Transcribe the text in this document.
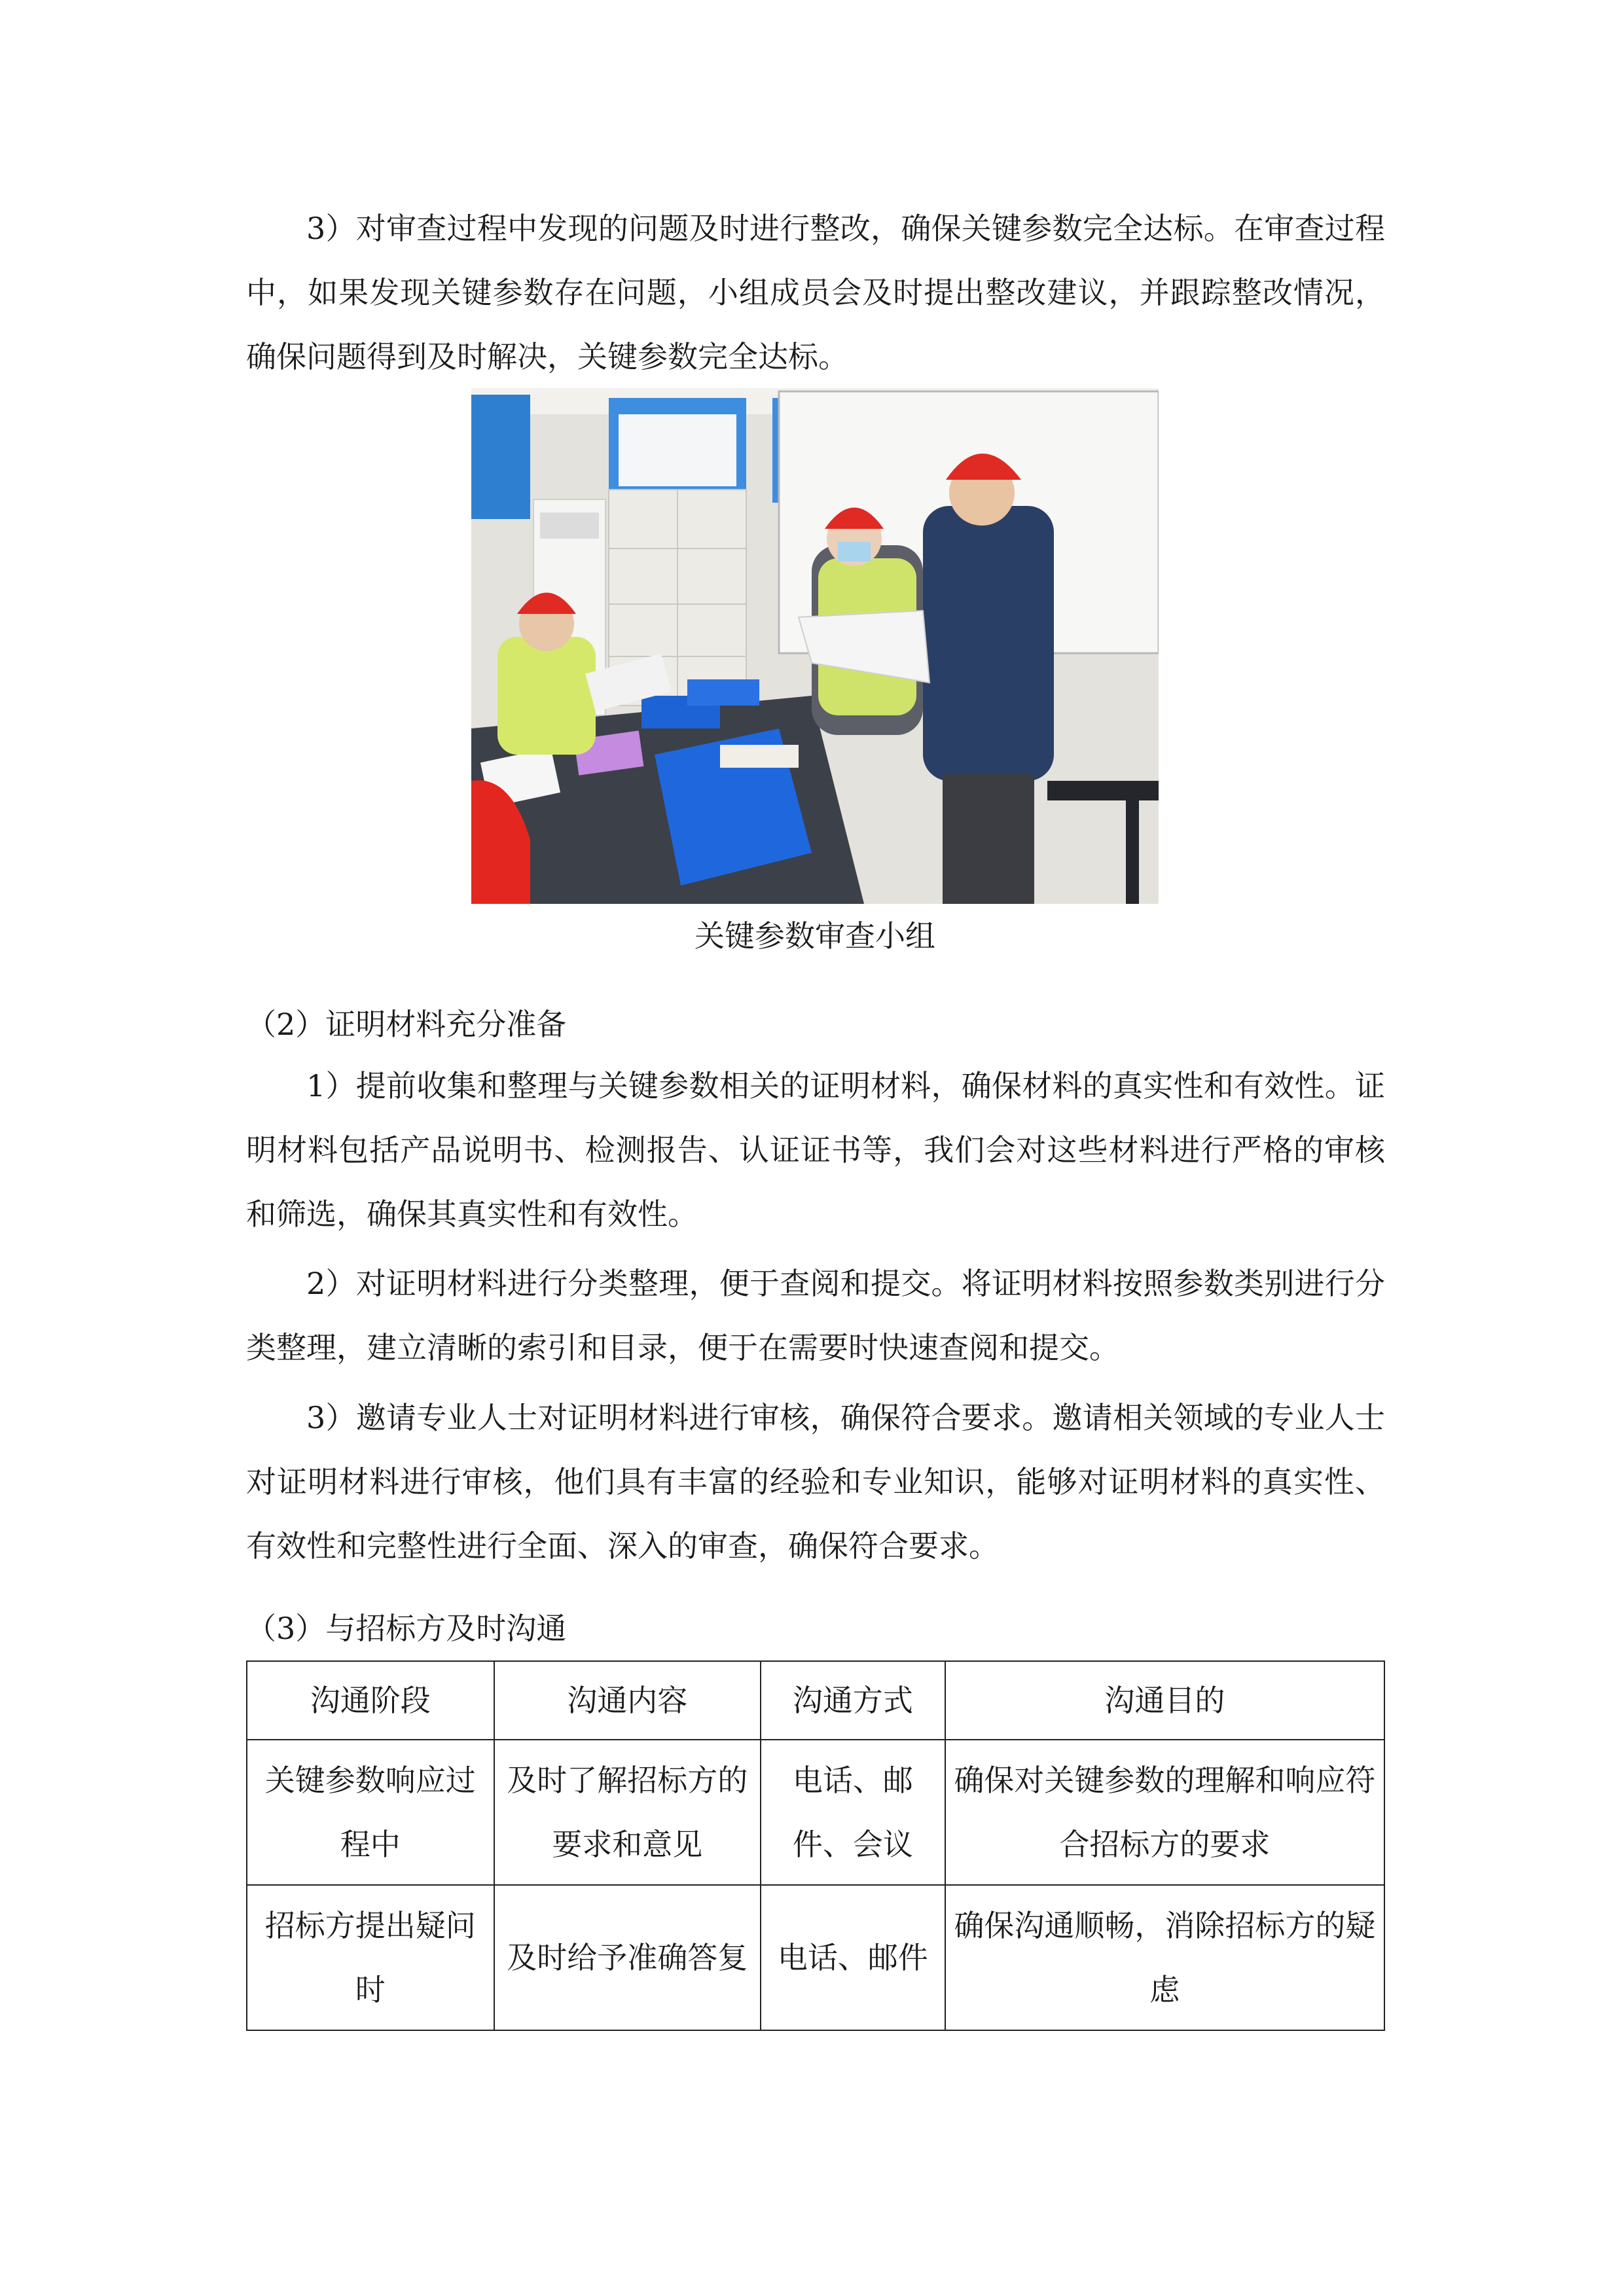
3）对审查过程中发现的问题及时进行整改，确保关键参数完全达标。在审查过程中，如果发现关键参数存在问题，小组成员会及时提出整改建议，并跟踪整改情况，确保问题得到及时解决，关键参数完全达标。

关键参数审查小组

（2）证明材料充分准备

1）提前收集和整理与关键参数相关的证明材料，确保材料的真实性和有效性。证明材料包括产品说明书、检测报告、认证证书等，我们会对这些材料进行严格的审核和筛选，确保其真实性和有效性。

2）对证明材料进行分类整理，便于查阅和提交。将证明材料按照参数类别进行分类整理，建立清晰的索引和目录，便于在需要时快速查阅和提交。

3）邀请专业人士对证明材料进行审核，确保符合要求。邀请相关领域的专业人士对证明材料进行审核，他们具有丰富的经验和专业知识，能够对证明材料的真实性、有效性和完整性进行全面、深入的审查，确保符合要求。

（3）与招标方及时沟通

沟通阶段	沟通内容	沟通方式	沟通目的
关键参数响应过程中	及时了解招标方的要求和意见	电话、邮件、会议	确保对关键参数的理解和响应符合招标方的要求
招标方提出疑问时	及时给予准确答复	电话、邮件	确保沟通顺畅，消除招标方的疑虑
